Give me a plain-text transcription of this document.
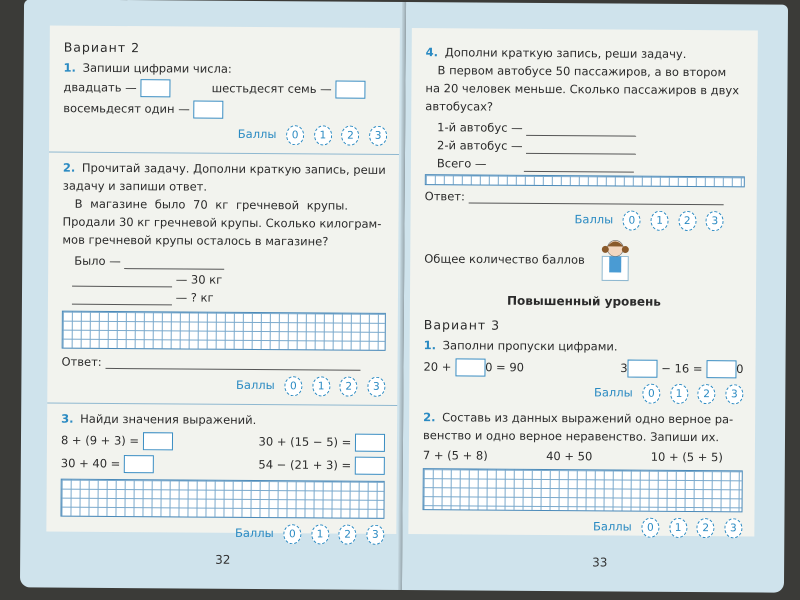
Вариант 2
1. Запиши цифрами числа:
двадцать —	шестьдесят семь —
восемьдесят один —
Баллы 0 1 2 3
2. Прочитай задачу. Дополни краткую запись, реши
задачу и запиши ответ.
В магазине было 70 кг гречневой крупы.
Продали 30 кг гречневой крупы. Сколько килограм-
мов гречневой крупы осталось в магазине?
Было —
— 30 кг
— ? кг
Ответ:
Баллы 0 1 2 3
3. Найди значения выражений.
8 + (9 + 3) =	30 + (15 − 5) =
30 + 40 =	54 − (21 + 3) =
Баллы 0 1 2 3
32
4. Дополни краткую запись, реши задачу.
В первом автобусе 50 пассажиров, а во втором
на 20 человек меньше. Сколько пассажиров в двух
автобусах?
1-й автобус —
2-й автобус —
Всего —
Ответ:
Баллы 0 1 2 3
Общее количество баллов
Повышенный уровень
Вариант 3
1. Заполни пропуски цифрами.
20 +	0 = 90	3	− 16 =	0
Баллы 0 1 2 3
2. Составь из данных выражений одно верное ра-
венство и одно верное неравенство. Запиши их.
7 + (5 + 8)	40 + 50	10 + (5 + 5)
Баллы 0 1 2 3
33
